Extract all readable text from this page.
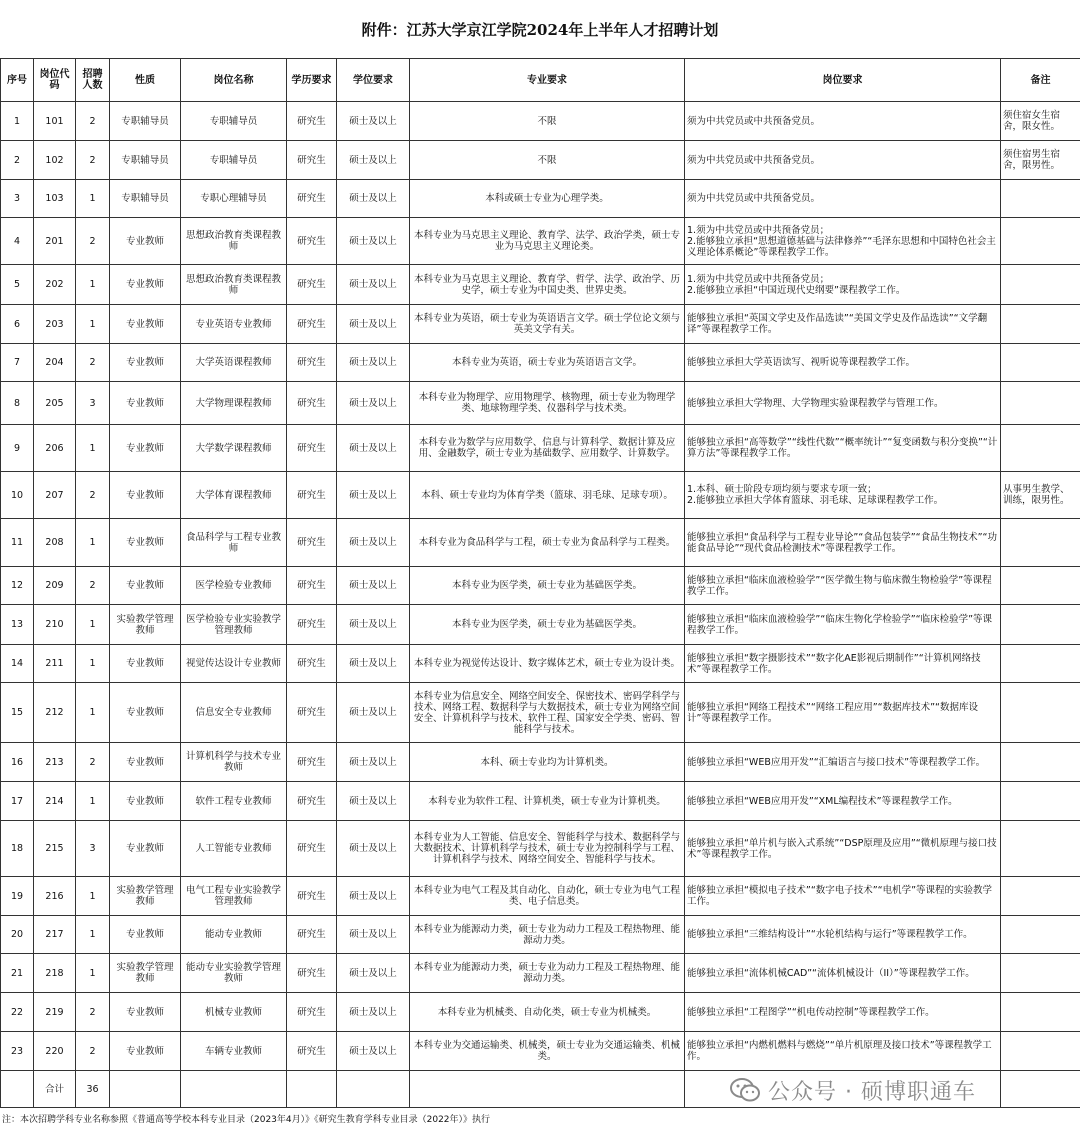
附件：江苏大学京江学院2024年上半年人才招聘计划
序号	岗位代码	招聘人数	性质	岗位名称	学历要求	学位要求	专业要求	岗位要求	备注
1	101	2	专职辅导员	专职辅导员	研究生	硕士及以上	不限	须为中共党员或中共预备党员。	须住宿女生宿舍，限女性。
2	102	2	专职辅导员	专职辅导员	研究生	硕士及以上	不限	须为中共党员或中共预备党员。	须住宿男生宿舍，限男性。
3	103	1	专职辅导员	专职心理辅导员	研究生	硕士及以上	本科或硕士专业为心理学类。	须为中共党员或中共预备党员。	
4	201	2	专业教师	思想政治教育类课程教师	研究生	硕士及以上	本科专业为马克思主义理论、教育学、法学、政治学类，硕士专业为马克思主义理论类。	1.须为中共党员或中共预备党员；
2.能够独立承担“思想道德基础与法律修养”“毛泽东思想和中国特色社会主义理论体系概论”等课程教学工作。	
5	202	1	专业教师	思想政治教育类课程教师	研究生	硕士及以上	本科专业为马克思主义理论、教育学、哲学、法学、政治学、历史学，硕士专业为中国史类、世界史类。	1.须为中共党员或中共预备党员；
2.能够独立承担“中国近现代史纲要”课程教学工作。	
6	203	1	专业教师	专业英语专业教师	研究生	硕士及以上	本科专业为英语，硕士专业为英语语言文学。硕士学位论文须与英美文学有关。	能够独立承担“英国文学史及作品选读”“美国文学史及作品选读”“文学翻译”等课程教学工作。	
7	204	2	专业教师	大学英语课程教师	研究生	硕士及以上	本科专业为英语，硕士专业为英语语言文学。	能够独立承担大学英语读写、视听说等课程教学工作。	
8	205	3	专业教师	大学物理课程教师	研究生	硕士及以上	本科专业为物理学、应用物理学、核物理，硕士专业为物理学类、地球物理学类、仪器科学与技术类。	能够独立承担大学物理、大学物理实验课程教学与管理工作。	
9	206	1	专业教师	大学数学课程教师	研究生	硕士及以上	本科专业为数学与应用数学、信息与计算科学、数据计算及应用、金融数学，硕士专业为基础数学、应用数学、计算数学。	能够独立承担“高等数学”“线性代数”“概率统计”“复变函数与积分变换”“计算方法”等课程教学工作。	
10	207	2	专业教师	大学体育课程教师	研究生	硕士及以上	本科、硕士专业均为体育学类（篮球、羽毛球、足球专项）。	1.本科、硕士阶段专项均须与要求专项一致；
2.能够独立承担大学体育篮球、羽毛球、足球课程教学工作。	从事男生教学、训练，限男性。
11	208	1	专业教师	食品科学与工程专业教师	研究生	硕士及以上	本科专业为食品科学与工程，硕士专业为食品科学与工程类。	能够独立承担“食品科学与工程专业导论”“食品包装学”“食品生物技术”“功能食品导论”“现代食品检测技术”等课程教学工作。	
12	209	2	专业教师	医学检验专业教师	研究生	硕士及以上	本科专业为医学类，硕士专业为基础医学类。	能够独立承担“临床血液检验学”“医学微生物与临床微生物检验学”等课程教学工作。	
13	210	1	实验教学管理教师	医学检验专业实验教学管理教师	研究生	硕士及以上	本科专业为医学类，硕士专业为基础医学类。	能够独立承担“临床血液检验学”“临床生物化学检验学”“临床检验学”等课程教学工作。	
14	211	1	专业教师	视觉传达设计专业教师	研究生	硕士及以上	本科专业为视觉传达设计、数字媒体艺术，硕士专业为设计类。	能够独立承担“数字摄影技术”“数字化AE影视后期制作”“计算机网络技术”等课程教学工作。	
15	212	1	专业教师	信息安全专业教师	研究生	硕士及以上	本科专业为信息安全、网络空间安全、保密技术、密码学科学与技术、网络工程、数据科学与大数据技术，硕士专业为网络空间安全、计算机科学与技术、软件工程、国家安全学类、密码、智能科学与技术。	能够独立承担“网络工程技术”“网络工程应用”“数据库技术”“数据库设计”等课程教学工作。	
16	213	2	专业教师	计算机科学与技术专业教师	研究生	硕士及以上	本科、硕士专业均为计算机类。	能够独立承担“WEB应用开发”“汇编语言与接口技术”等课程教学工作。	
17	214	1	专业教师	软件工程专业教师	研究生	硕士及以上	本科专业为软件工程、计算机类，硕士专业为计算机类。	能够独立承担“WEB应用开发”“XML编程技术”等课程教学工作。	
18	215	3	专业教师	人工智能专业教师	研究生	硕士及以上	本科专业为人工智能、信息安全、智能科学与技术、数据科学与大数据技术、计算机科学与技术，硕士专业为控制科学与工程、计算机科学与技术、网络空间安全、智能科学与技术。	能够独立承担“单片机与嵌入式系统”“DSP原理及应用”“微机原理与接口技术”等课程教学工作。	
19	216	1	实验教学管理教师	电气工程专业实验教学管理教师	研究生	硕士及以上	本科专业为电气工程及其自动化、自动化，硕士专业为电气工程类、电子信息类。	能够独立承担“模拟电子技术”“数字电子技术”“电机学”等课程的实验教学工作。	
20	217	1	专业教师	能动专业教师	研究生	硕士及以上	本科专业为能源动力类，硕士专业为动力工程及工程热物理、能源动力类。	能够独立承担“三维结构设计”“水轮机结构与运行”等课程教学工作。	
21	218	1	实验教学管理教师	能动专业实验教学管理教师	研究生	硕士及以上	本科专业为能源动力类，硕士专业为动力工程及工程热物理、能源动力类。	能够独立承担“流体机械CAD”“流体机械设计（II）”等课程教学工作。	
22	219	2	专业教师	机械专业教师	研究生	硕士及以上	本科专业为机械类、自动化类，硕士专业为机械类。	能够独立承担“工程图学”“机电传动控制”等课程教学工作。	
23	220	2	专业教师	车辆专业教师	研究生	硕士及以上	本科专业为交通运输类、机械类，硕士专业为交通运输类、机械类。	能够独立承担“内燃机燃料与燃烧”“单片机原理及接口技术”等课程教学工作。	
	合计	36								公众号 · 硕博职通车
注：本次招聘学科专业名称参照《普通高等学校本科专业目录（2023年4月）》《研究生教育学科专业目录（2022年）》执行
